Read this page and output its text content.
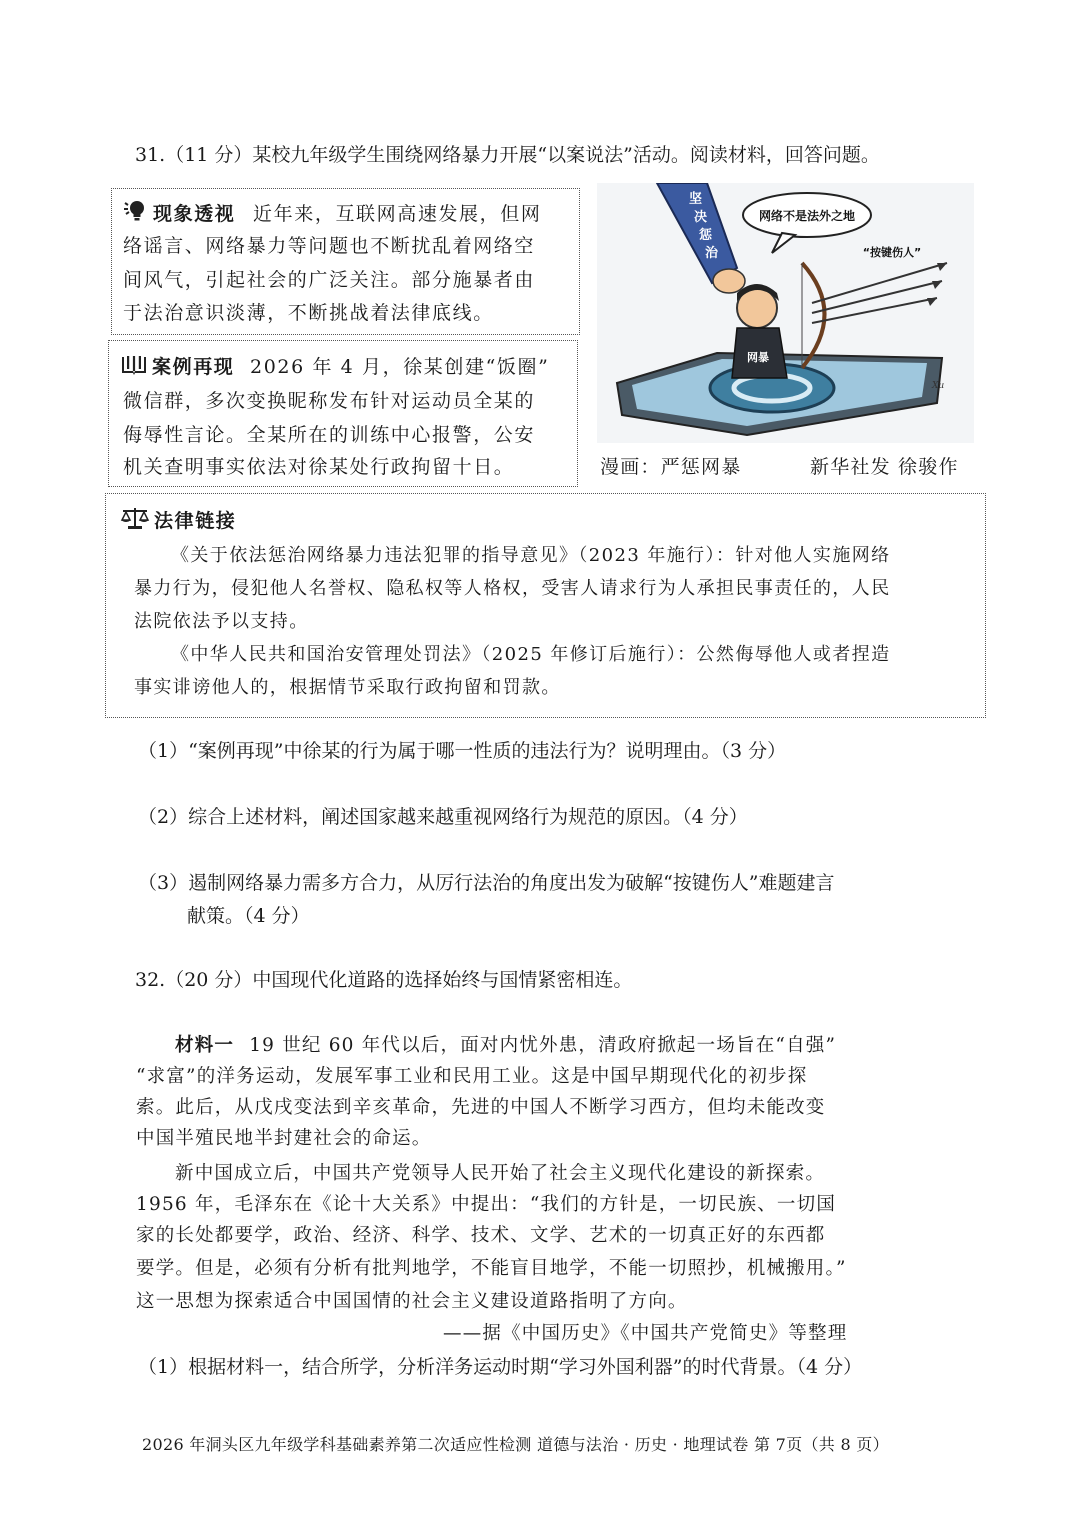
31.（11 分）某校九年级学生围绕网络暴力开展“以案说法”活动。阅读材料，回答问题。
现象透视 近年来，互联网高速发展，但网
络谣言、网络暴力等问题也不断扰乱着网络空
间风气，引起社会的广泛关注。部分施暴者由
于法治意识淡薄，不断挑战着法律底线。
案例再现 2026 年 4 月，徐某创建“饭圈”
微信群，多次变换昵称发布针对运动员全某的
侮辱性言论。全某所在的训练中心报警，公安
机关查明事实依法对徐某处行政拘留十日。
坚
决
惩
治
网暴
网络不是法外之地
“按键伤人”
Xu
漫画：严惩网暴	新华社发 徐骏作
法律链接
《关于依法惩治网络暴力违法犯罪的指导意见》（2023 年施行）：针对他人实施网络
暴力行为，侵犯他人名誉权、隐私权等人格权，受害人请求行为人承担民事责任的，人民
法院依法予以支持。
《中华人民共和国治安管理处罚法》（2025 年修订后施行）：公然侮辱他人或者捏造
事实诽谤他人的，根据情节采取行政拘留和罚款。
（1）“案例再现”中徐某的行为属于哪一性质的违法行为？说明理由。（3 分）
（2）综合上述材料，阐述国家越来越重视网络行为规范的原因。（4 分）
（3）遏制网络暴力需多方合力，从厉行法治的角度出发为破解“按键伤人”难题建言
献策。（4 分）
32.（20 分）中国现代化道路的选择始终与国情紧密相连。
材料一 19 世纪 60 年代以后，面对内忧外患，清政府掀起一场旨在“自强”
“求富”的洋务运动，发展军事工业和民用工业。这是中国早期现代化的初步探
索。此后，从戊戌变法到辛亥革命，先进的中国人不断学习西方，但均未能改变
中国半殖民地半封建社会的命运。
新中国成立后，中国共产党领导人民开始了社会主义现代化建设的新探索。
1956 年，毛泽东在《论十大关系》中提出：“我们的方针是，一切民族、一切国
家的长处都要学，政治、经济、科学、技术、文学、艺术的一切真正好的东西都
要学。但是，必须有分析有批判地学，不能盲目地学，不能一切照抄，机械搬用。”
这一思想为探索适合中国国情的社会主义建设道路指明了方向。
——据《中国历史》《中国共产党简史》等整理
（1）根据材料一，结合所学，分析洋务运动时期“学习外国利器”的时代背景。（4 分）
2026 年洞头区九年级学科基础素养第二次适应性检测 道德与法治 · 历史 · 地理试卷 第 7页（共 8 页）
